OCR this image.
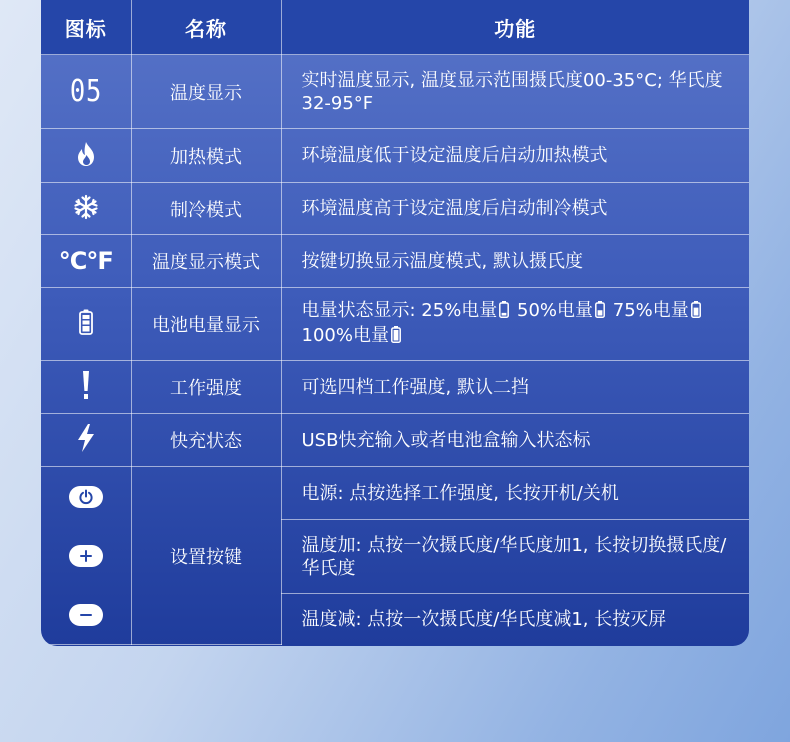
图标	名称	功能
05	温度显示	实时温度显示, 温度显示范围摄氏度00-35°C; 华氏度32-95°F

	加热模式	环境温度低于设定温度后启动加热模式

	制冷模式	环境温度高于设定温度后启动制冷模式
°C°F	温度显示模式	按键切换显示温度模式, 默认摄氏度

	电池电量显示	电量状态显示: 25%电量 50%电量 75%电量
100%电量

	工作强度	可选四档工作强度, 默认二挡

	快充状态	USB快充输入或者电池盒输入状态标

	设置按键	电源: 点按选择工作强度, 长按开机/关机
		温度加: 点按一次摄氏度/华氏度加1, 长按切换摄氏度/华氏度
		温度减: 点按一次摄氏度/华氏度减1, 长按灭屏
